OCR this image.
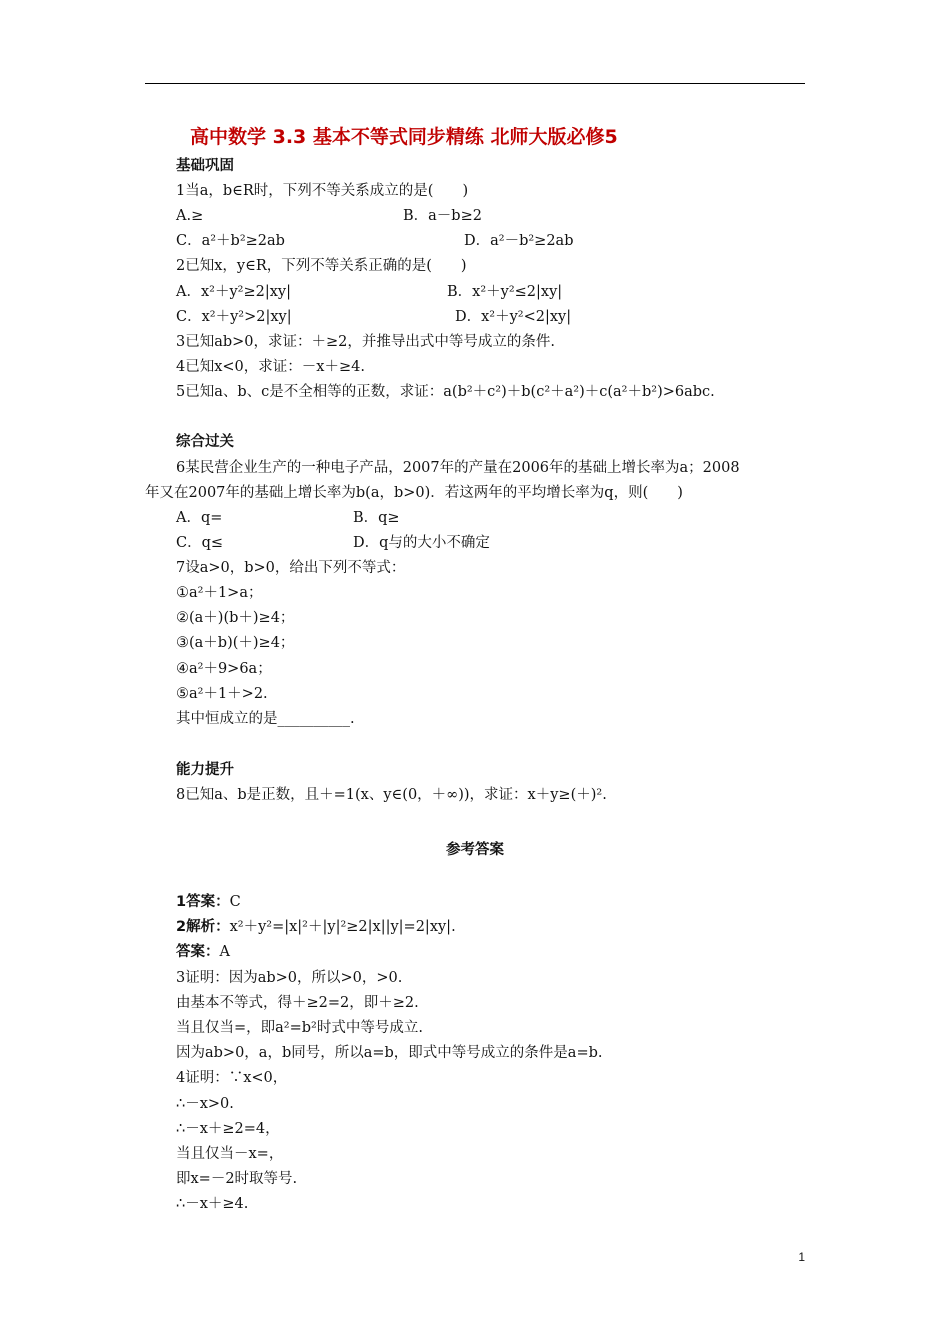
高中数学 3.3 基本不等式同步精练 北师大版必修5
基础巩固
1当a，b∈R时，下列不等关系成立的是(　　)
A.≥	B．a－b≥2
C．a²＋b²≥2ab	D．a²－b²≥2ab
2已知x，y∈R，下列不等关系正确的是(　　)
A．x²＋y²≥2|xy|	B．x²＋y²≤2|xy|
C．x²＋y²>2|xy|	D．x²＋y²<2|xy|
3已知ab>0，求证：＋≥2，并推导出式中等号成立的条件.
4已知x<0，求证：－x＋≥4.
5已知a、b、c是不全相等的正数，求证：a(b²＋c²)＋b(c²＋a²)＋c(a²＋b²)>6abc.
综合过关
6某民营企业生产的一种电子产品，2007年的产量在2006年的基础上增长率为a；2008
年又在2007年的基础上增长率为b(a，b>0)．若这两年的平均增长率为q，则(　　)
A．q=	B．q≥
C．q≤	D．q与的大小不确定
7设a>0，b>0，给出下列不等式：
①a²＋1>a；
②(a＋)(b＋)≥4；
③(a＋b)(＋)≥4；
④a²＋9>6a；
⑤a²＋1＋>2.
其中恒成立的是__________.
能力提升
8已知a、b是正数，且＋=1(x、y∈(0，＋∞))，求证：x＋y≥(＋)².
参考答案
1答案：C
2解析：x²＋y²=|x|²＋|y|²≥2|x||y|=2|xy|.
答案：A
3证明：因为ab>0，所以>0，>0.
由基本不等式，得＋≥2=2，即＋≥2.
当且仅当=，即a²=b²时式中等号成立.
因为ab>0，a，b同号，所以a=b，即式中等号成立的条件是a=b.
4证明：∵x<0，
∴－x>0.
∴－x＋≥2=4，
当且仅当－x=，
即x=－2时取等号.
∴－x＋≥4.
1
